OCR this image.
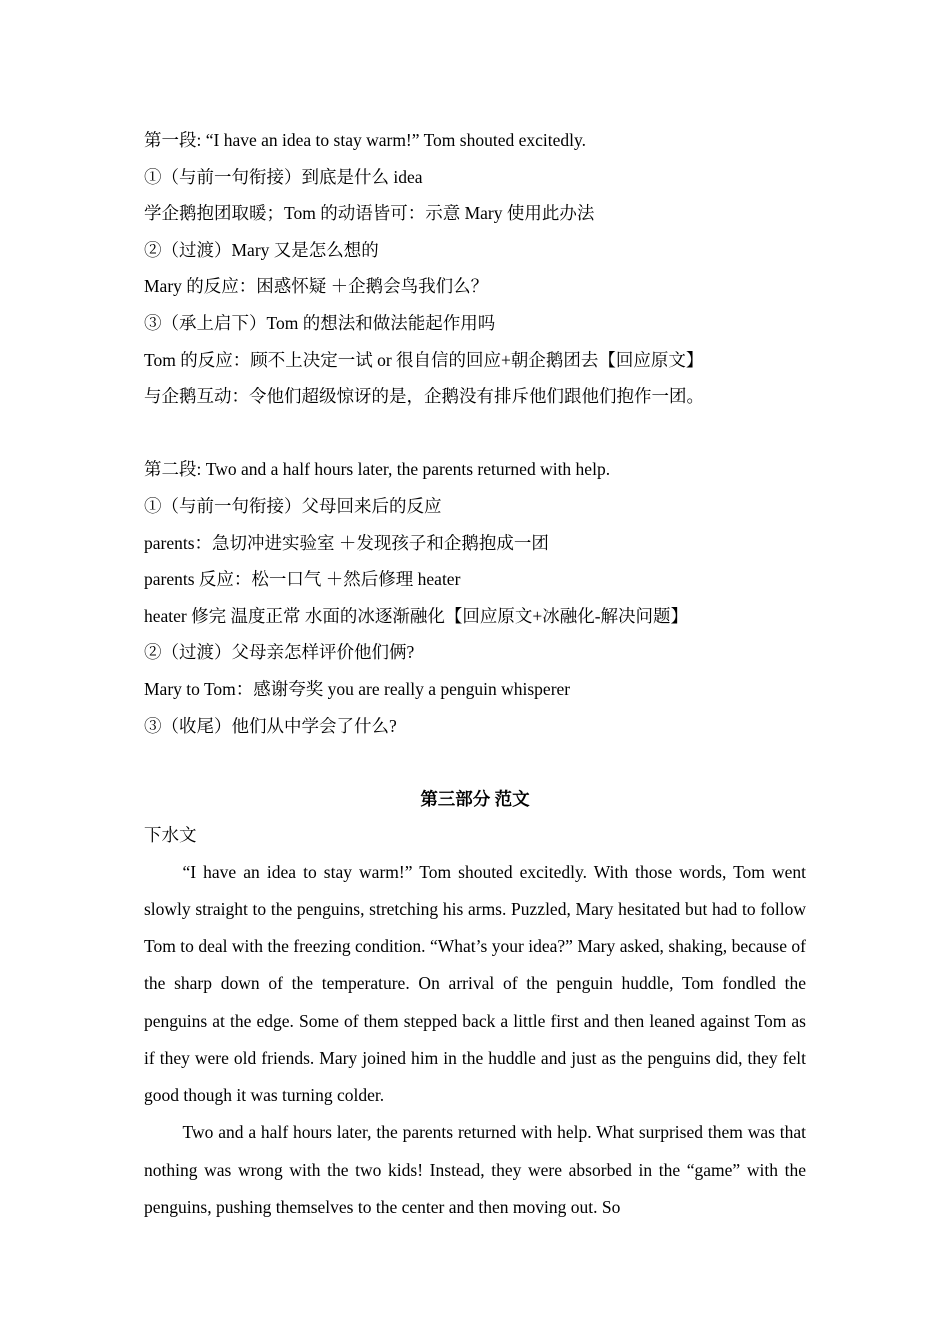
第一段: “I have an idea to stay warm!” Tom shouted excitedly.

①（与前一句衔接）到底是什么 idea

学企鹅抱团取暖；Tom 的动语皆可：示意 Mary 使用此办法

②（过渡）Mary 又是怎么想的

Mary 的反应：困惑怀疑 ＋企鹅会鸟我们么？

③（承上启下）Tom 的想法和做法能起作用吗

Tom 的反应：顾不上决定一试 or 很自信的回应+朝企鹅团去【回应原文】

与企鹅互动：令他们超级惊讶的是，企鹅没有排斥他们跟他们抱作一团。

第二段: Two and a half hours later, the parents returned with help.

①（与前一句衔接）父母回来后的反应

parents：急切冲进实验室 ＋发现孩子和企鹅抱成一团

parents 反应：松一口气 ＋然后修理 heater

heater 修完 温度正常 水面的冰逐渐融化【回应原文+冰融化-解决问题】

②（过渡）父母亲怎样评价他们俩?

Mary to Tom：感谢夸奖 you are really a penguin whisperer

③（收尾）他们从中学会了什么?

第三部分 范文

下水文

“I have an idea to stay warm!” Tom shouted excitedly. With those words, Tom went slowly straight to the penguins, stretching his arms. Puzzled, Mary hesitated but had to follow Tom to deal with the freezing condition. “What’s your idea?” Mary asked, shaking, because of the sharp down of the temperature. On arrival of the penguin huddle, Tom fondled the penguins at the edge. Some of them stepped back a little first and then leaned against Tom as if they were old friends. Mary joined him in the huddle and just as the penguins did, they felt good though it was turning colder.

Two and a half hours later, the parents returned with help. What surprised them was that nothing was wrong with the two kids! Instead, they were absorbed in the “game” with the penguins, pushing themselves to the center and then moving out. So
